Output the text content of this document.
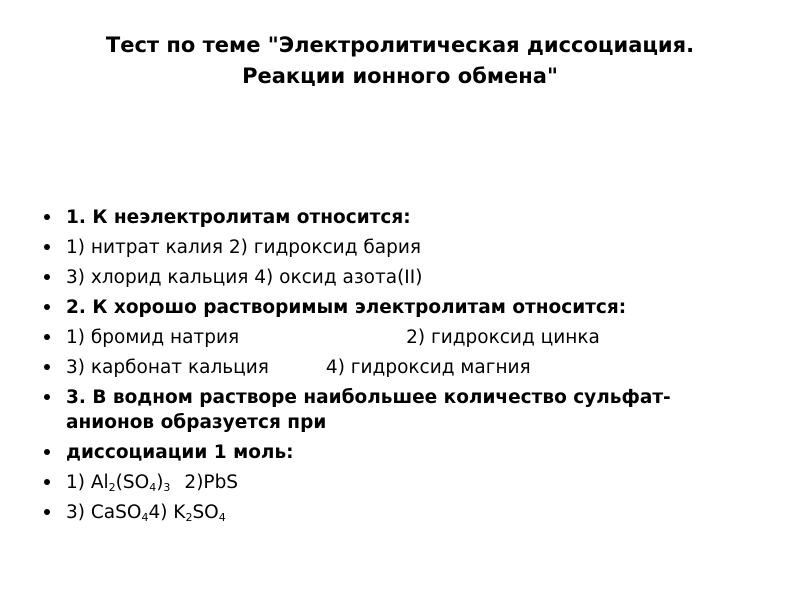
Тест по теме "Электролитическая диссоциация.
Реакции ионного обмена"
1. К неэлектролитам относится:
1) нитрат калия 2) гидроксид бария
3) хлорид кальция 4) оксид азота(II)
2. К хорошо растворимым электролитам относится:
1) бромид натрия	2) гидроксид цинка
3) карбонат кальция	4) гидроксид магния
3. В водном растворе наибольшее количество сульфат-анионов образуется при
диссоциации 1 моль:
1) $Al_2(SO_4)_3$ 2)PbS
3) CaSO$_4$4) $K_2SO_4$
